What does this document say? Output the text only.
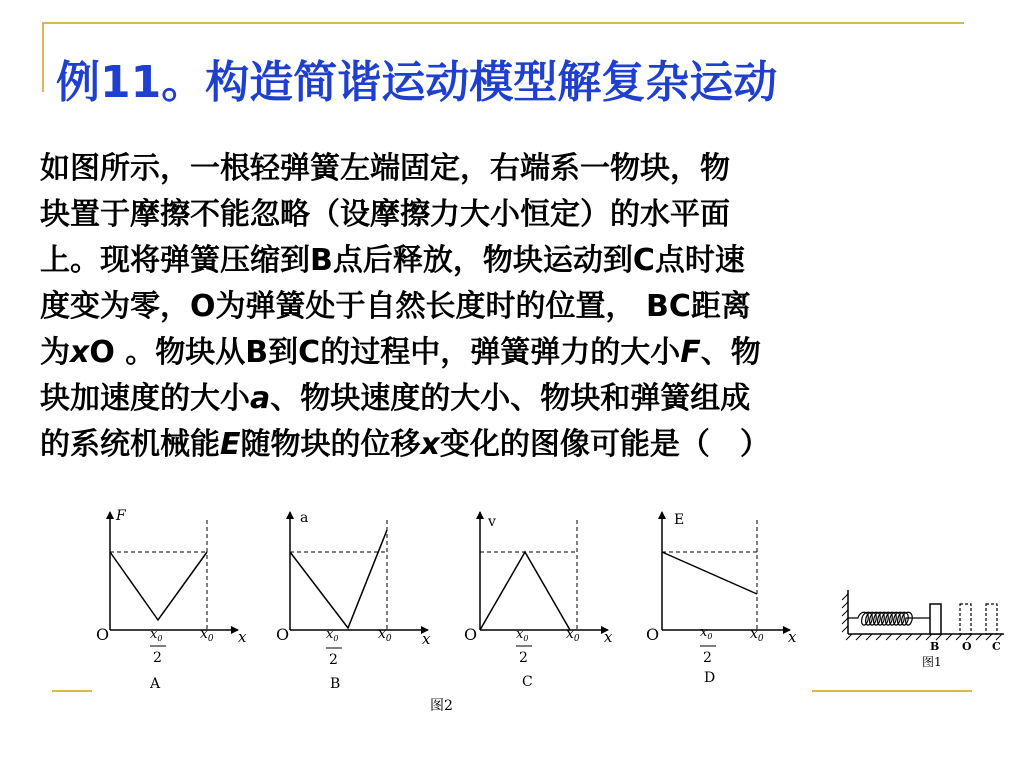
例11。构造简谐运动模型解复杂运动

如图所示，一根轻弹簧左端固定，右端系一物块，物

块置于摩擦不能忽略（设摩擦力大小恒定）的水平面

上。现将弹簧压缩到B点后释放，物块运动到C点时速

度变为零，O为弹簧处于自然长度时的位置， BC距离

为xO 。物块从B到C的过程中，弹簧弹力的大小F、物

块加速度的大小a、物块速度的大小、物块和弹簧组成

的系统机械能E随物块的位移x变化的图像可能是（　）

F
O	x
$x_0$
$x_0$
2
A
a
O	x
$x_0$
$x_0$
2
B
v
O	x
$x_0$
$x_0$
2
C
E
O	x
$x_0$
$x_0$
2
D
图2
B O C
图1
